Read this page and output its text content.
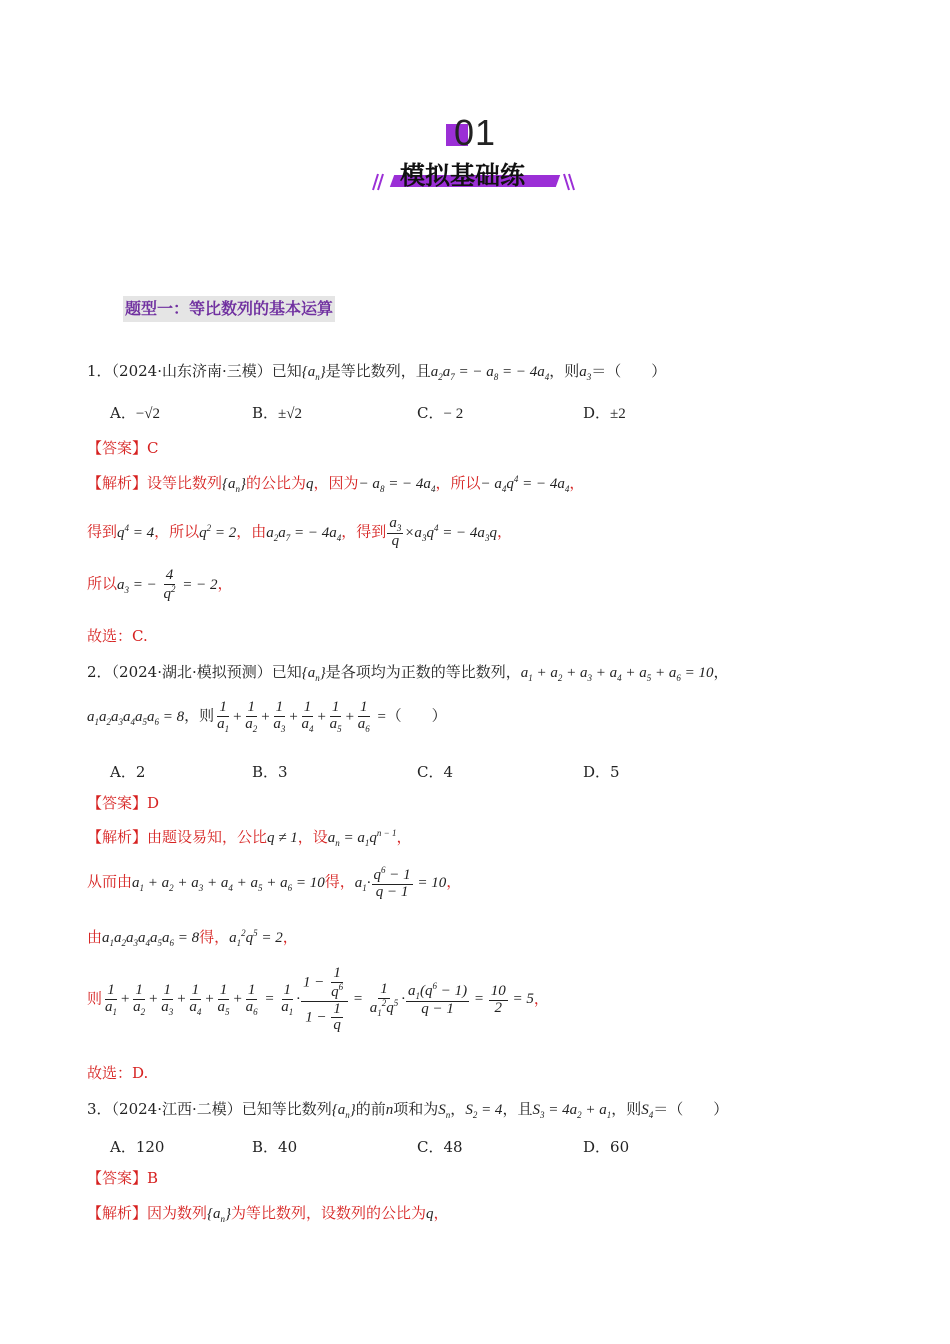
01
模拟基础练
题型一：等比数列的基本运算
1．（2024·山东济南·三模）已知$\{a_n\}$是等比数列，且$a_2a_7$ = − $a_8$ = − $4a_4$，则$a_3=$（　　）
A．−√2	B．±√2	C．− 2	D．±2
【答案】C
【解析】设等比数列$\{a_n\}$的公比为q，因为− $a_8$ = − $4a_4$，所以− $a_4q^4$ = − $4a_4$，
得到$q^4 = 4$，所以$q^2 = 2$，由$a_2a_7$ = − $4a_4$，得到 $\frac{a_3}{q} \times a_3q^4$ = − $4a_3q$，
所以$a_3$ = − $\frac{4}{q^2}$ = − 2，
故选：C.
2．（2024·湖北·模拟预测）已知$\{a_n\}$是各项均为正数的等比数列，$a_1 + a_2 + a_3 + a_4 + a_5 + a_6 = 10$，
$a_1a_2a_3a_4a_5a_6 = 8$，则 $\frac{1}{a_1} + \frac{1}{a_2} + \frac{1}{a_3} + \frac{1}{a_4} + \frac{1}{a_5} + \frac{1}{a_6}$ =（　　）
A．2	B．3	C．4	D．5
【答案】D
【解析】由题设易知，公比q ≠ 1，设$a_n = a_1q^{n - 1}$，
从而由$a_1 + a_2 + a_3 + a_4 + a_5 + a_6 = 10$得，$a_1\cdot \frac{q^6 - 1}{q - 1} = 10$，
由$a_1a_2a_3a_4a_5a_6 = 8$得，$a_1^2q^5 = 2$，
则 $\frac{1}{a_1} + \frac{1}{a_2} + \frac{1}{a_3} + \frac{1}{a_4} + \frac{1}{a_5} + \frac{1}{a_6} = \frac{1}{a_1} \cdot \frac{1 - \frac{1}{q^6}}{1 - \frac{1}{q}} = \frac{1}{a_1^2q^5} \cdot \frac{a_1(q^6 - 1)}{q - 1} = \frac{10}{2} = 5$，
故选：D.
3．（2024·江西·二模）已知等比数列$\{a_n\}$的前n项和为$S_n$，$S_2 = 4$，且$S_3 = 4a_2 + a_1$，则$S_4=$（　　）
A．120	B．40	C．48	D．60
【答案】B
【解析】因为数列$\{a_n\}$为等比数列，设数列的公比为q，
